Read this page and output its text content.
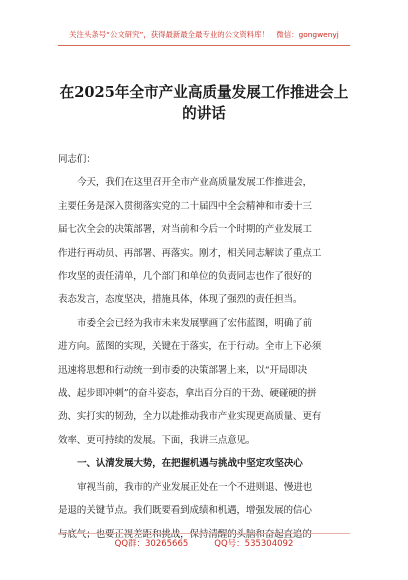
关注头条号“公文研究”，获得最新最全最专业的公文资料库！　微信：gongwenyj
在2025年全市产业高质量发展工作推进会上的讲话

同志们：

今天，我们在这里召开全市产业高质量发展工作推进会，

主要任务是深入贯彻落实党的二十届四中全会精神和市委十三

届七次全会的决策部署，对当前和今后一个时期的产业发展工

作进行再动员、再部署、再落实。刚才，相关同志解读了重点工

作攻坚的责任清单，几个部门和单位的负责同志也作了很好的

表态发言，态度坚决，措施具体，体现了强烈的责任担当。

市委全会已经为我市未来发展擘画了宏伟蓝图，明确了前

进方向。蓝图的实现，关键在于落实，在于行动。全市上下必须

迅速将思想和行动统一到市委的决策部署上来，以“开局即决

战、起步即冲刺”的奋斗姿态，拿出百分百的干劲、硬碰硬的拼

劲、实打实的韧劲，全力以赴推动我市产业实现更高质量、更有

效率、更可持续的发展。下面，我讲三点意见。

一、认清发展大势，在把握机遇与挑战中坚定攻坚决心

审视当前，我市的产业发展正处在一个不进则退、慢进也

是退的关键节点。我们既要看到成绩和机遇，增强发展的信心

与底气；也要正视差距和挑战，保持清醒的头脑和奋起直追的

QQ群：30265665	QQ号：535304092
